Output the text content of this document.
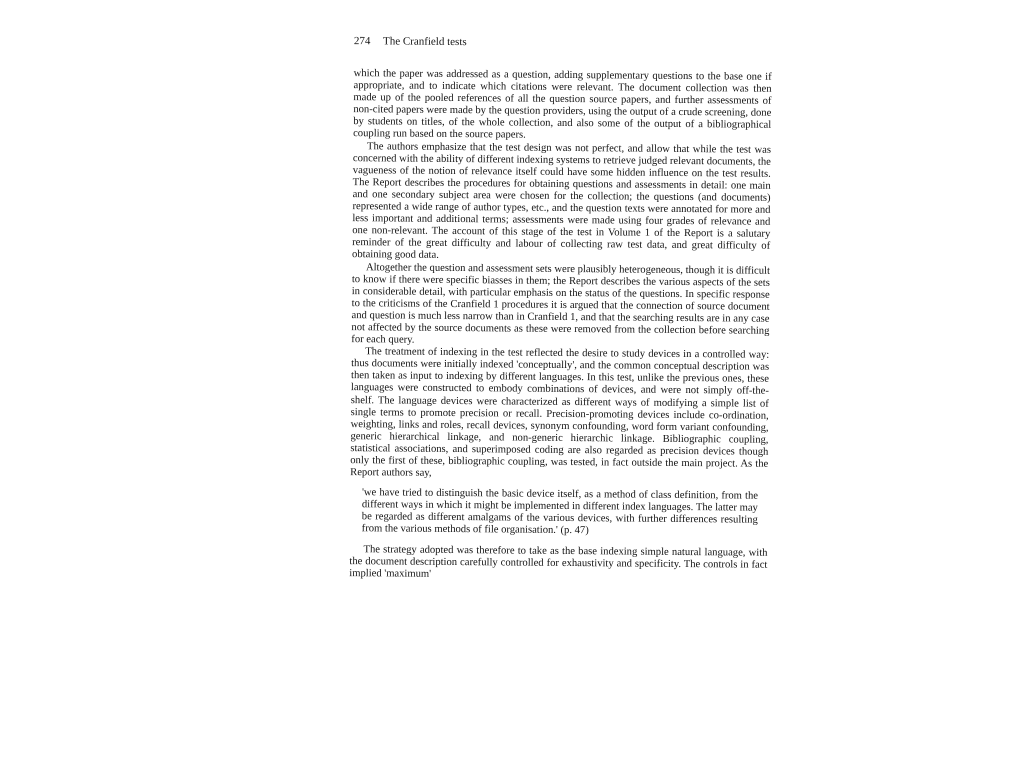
274 The Cranfield tests

which the paper was addressed as a question, adding supplementary questions to the base one if appropriate, and to indicate which citations were relevant. The document collection was then made up of the pooled references of all the question source papers, and further assessments of non-cited papers were made by the question providers, using the output of a crude screening, done by students on titles, of the whole collection, and also some of the output of a bibliographical coupling run based on the source papers.

The authors emphasize that the test design was not perfect, and allow that while the test was concerned with the ability of different indexing systems to retrieve judged relevant documents, the vagueness of the notion of relevance itself could have some hidden influence on the test results. The Report describes the procedures for obtaining questions and assessments in detail: one main and one secondary subject area were chosen for the collection; the questions (and documents) represented a wide range of author types, etc., and the question texts were annotated for more and less important and additional terms; assessments were made using four grades of relevance and one non-relevant. The account of this stage of the test in Volume 1 of the Report is a salutary reminder of the great difficulty and labour of collecting raw test data, and great difficulty of obtaining good data.

Altogether the question and assessment sets were plausibly heterogeneous, though it is difficult to know if there were specific biasses in them; the Report describes the various aspects of the sets in considerable detail, with particular emphasis on the status of the questions. In specific response to the criticisms of the Cranfield 1 procedures it is argued that the connection of source document and question is much less narrow than in Cranfield 1, and that the searching results are in any case not affected by the source documents as these were removed from the collection before searching for each query.

The treatment of indexing in the test reflected the desire to study devices in a controlled way: thus documents were initially indexed 'conceptually', and the common conceptual description was then taken as input to indexing by different languages. In this test, unlike the previous ones, these languages were constructed to embody combinations of devices, and were not simply off-the-shelf. The language devices were characterized as different ways of modifying a simple list of single terms to promote precision or recall. Precision-promoting devices include co-ordination, weighting, links and roles, recall devices, synonym confounding, word form variant confounding, generic hierarchical linkage, and non-generic hierarchic linkage. Bibliographic coupling, statistical associations, and superimposed coding are also regarded as precision devices though only the first of these, bibliographic coupling, was tested, in fact outside the main project. As the Report authors say,

'we have tried to distinguish the basic device itself, as a method of class definition, from the different ways in which it might be implemented in different index languages. The latter may be regarded as different amalgams of the various devices, with further differences resulting from the various methods of file organisation.' (p. 47)

The strategy adopted was therefore to take as the base indexing simple natural language, with the document description carefully controlled for exhaustivity and specificity. The controls in fact implied 'maximum'
